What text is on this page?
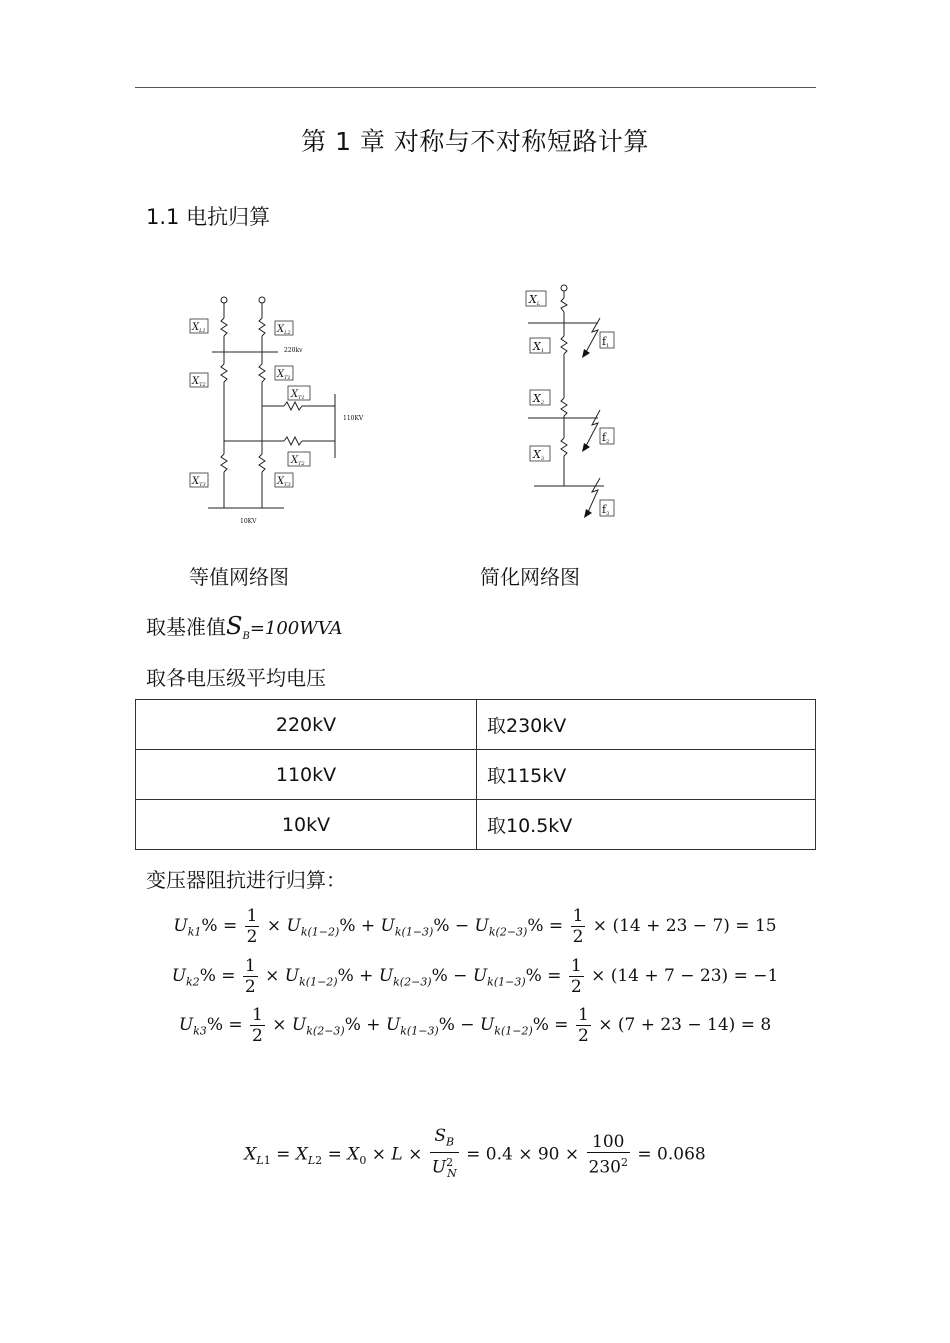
第 1 章 对称与不对称短路计算
1.1 电抗归算
$X_{L1}$	$X_{L2}$
$X_{T2}$
$X_{T1}$
$X_{T1}$
$X_{T2}$
$X_{T3}$	$X_{T3}$
220kv
110KV
10KV
XL
X1
X2
X3
f1
f2
f3
等值网络图	简化网络图
取基准值$S_B=100WVA$
取各电压级平均电压
220kV	取230kV
110kV	取115kV
10kV	取10.5kV
变压器阻抗进行归算：
$U_{k1}\% = \frac{1}{2} \times U_{k(1-2)}\% + U_{k(1-3)}\% - U_{k(2-3)}\% = \frac{1}{2} \times (14 + 23 - 7) = 15$
$U_{k2}\% = \frac{1}{2} \times U_{k(1-2)}\% + U_{k(2-3)}\% - U_{k(1-3)}\% = \frac{1}{2} \times (14 + 7 - 23) = -1$
$U_{k3}\% = \frac{1}{2} \times U_{k(2-3)}\% + U_{k(1-3)}\% - U_{k(1-2)}\% = \frac{1}{2} \times (7 + 23 - 14) = 8$
$X_{L1} = X_{L2} = X_0 \times L \times \frac{S_B}{U^2_N} = 0.4 \times 90 \times \frac{100}{230^2} = 0.068$
